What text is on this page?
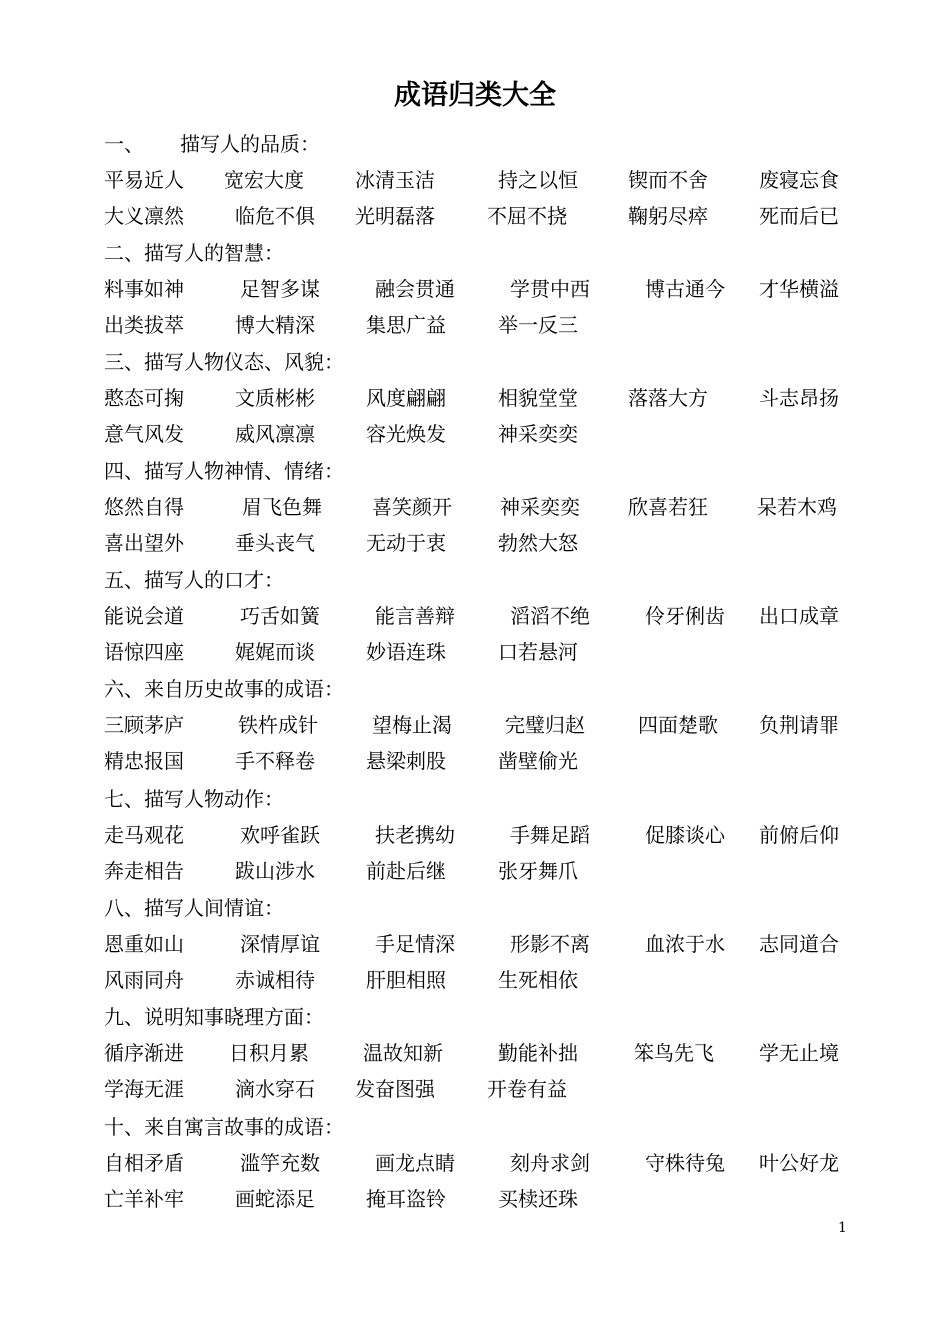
成语归类大全
一、 描写人的品质：
平易近人 宽宏大度	冰清玉洁	持之以恒	锲而不舍	废寝忘食
大义凛然	临危不俱 光明磊落	不屈不挠	鞠躬尽瘁	死而后已
二、描写人的智慧：
料事如神	足智多谋	融会贯通	学贯中西	博古通今 才华横溢
出类拔萃	博大精深	集思广益	举一反三
三、描写人物仪态、风貌：
憨态可掬	文质彬彬	风度翩翩	相貌堂堂	落落大方	斗志昂扬
意气风发	威风凛凛	容光焕发	神采奕奕
四、描写人物神情、情绪：
悠然自得	眉飞色舞	喜笑颜开 神采奕奕 欣喜若狂 呆若木鸡
喜出望外	垂头丧气	无动于衷	勃然大怒
五、描写人的口才：
能说会道	巧舌如簧	能言善辩	滔滔不绝	伶牙俐齿 出口成章
语惊四座	娓娓而谈	妙语连珠	口若悬河
六、来自历史故事的成语：
三顾茅庐	铁杵成针	望梅止渴	完璧归赵	四面楚歌 负荆请罪
精忠报国	手不释卷	悬梁刺股	凿壁偷光
七、描写人物动作：
走马观花	欢呼雀跃	扶老携幼	手舞足蹈	促膝谈心 前俯后仰
奔走相告	跋山涉水	前赴后继	张牙舞爪
八、描写人间情谊：
恩重如山	深情厚谊	手足情深	形影不离	血浓于水 志同道合
风雨同舟	赤诚相待	肝胆相照	生死相依
九、说明知事晓理方面：
循序渐进 日积月累	温故知新	勤能补拙	笨鸟先飞 学无止境
学海无涯	滴水穿石 发奋图强	开卷有益
十、来自寓言故事的成语：
自相矛盾	滥竽充数	画龙点睛	刻舟求剑	守株待兔 叶公好龙
亡羊补牢	画蛇添足	掩耳盗铃	买椟还珠
1
